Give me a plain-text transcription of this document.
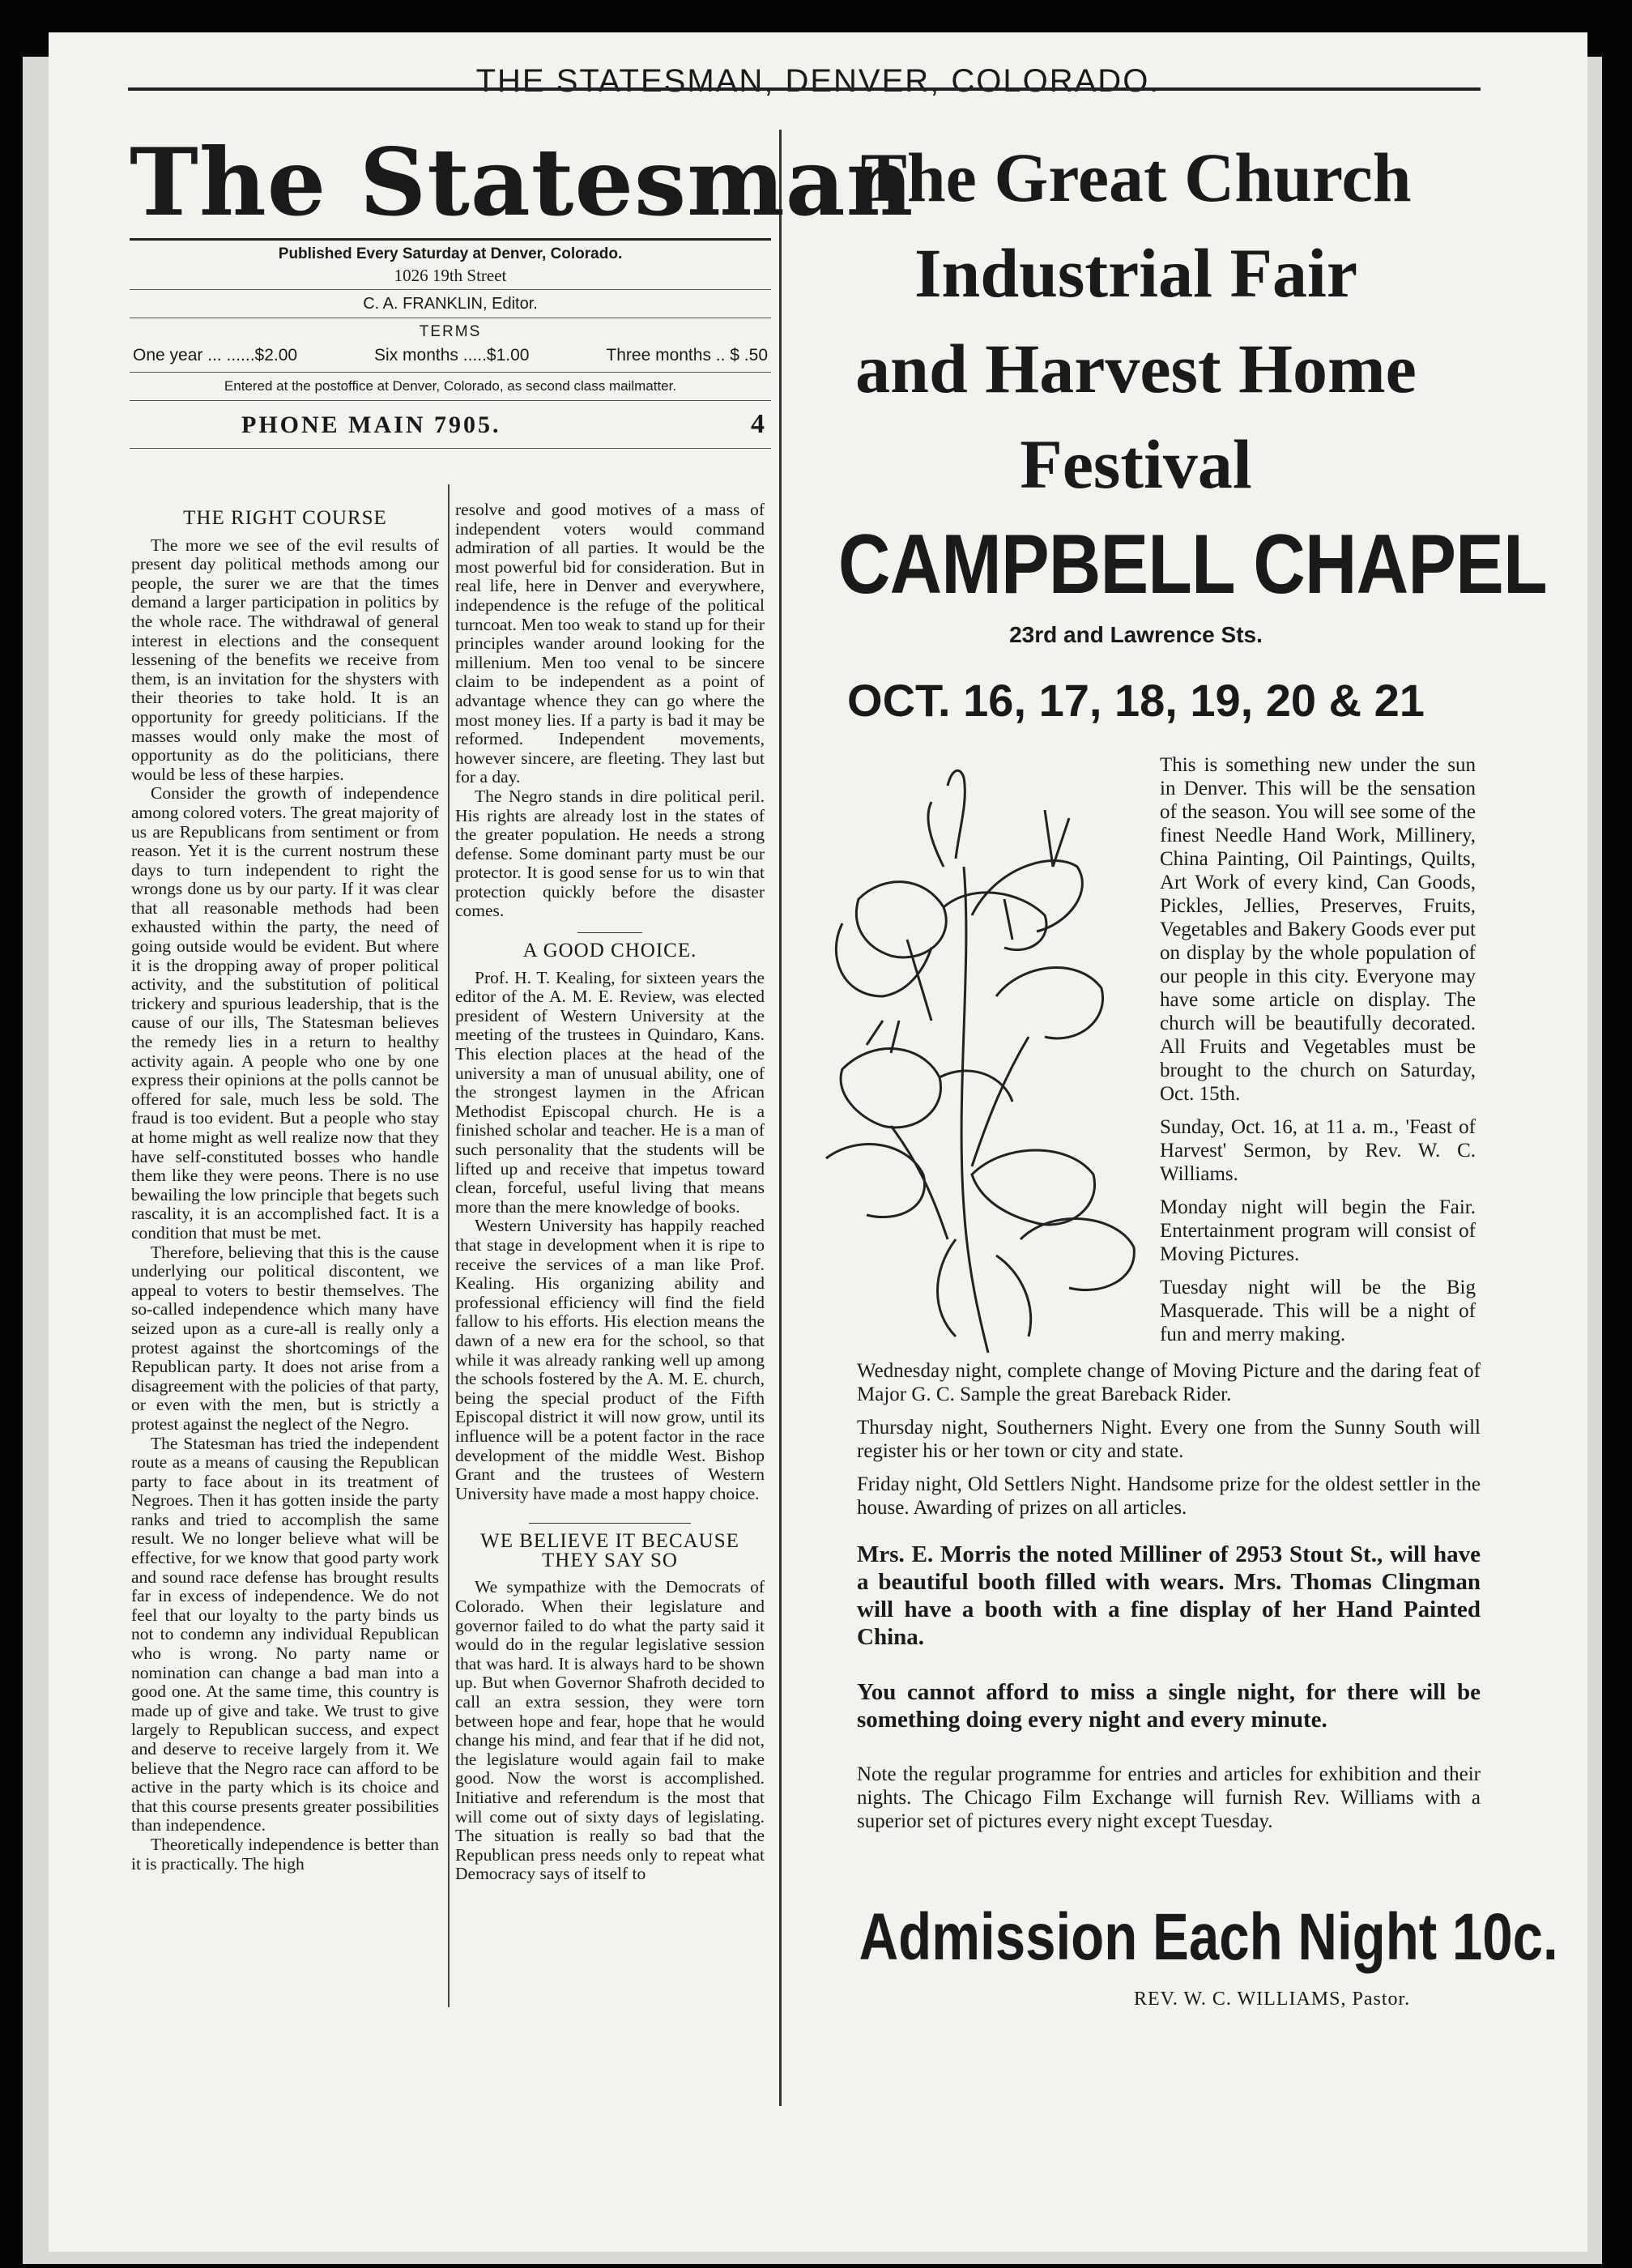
THE STATESMAN, DENVER, COLORADO.
The Statesman
Published Every Saturday at Denver, Colorado.
1026 19th Street
C. A. FRANKLIN, Editor.
TERMS
One year ... ......$2.00	Six months .....$1.00	Three months .. $ .50
Entered at the postoffice at Denver, Colorado, as second class mailmatter.
PHONE MAIN 7905.	4
THE RIGHT COURSE

The more we see of the evil results of present day political methods among our people, the surer we are that the times demand a larger participation in politics by the whole race. The withdrawal of general interest in elections and the consequent lessening of the benefits we receive from them, is an invitation for the shysters with their theories to take hold. It is an opportunity for greedy politicians. If the masses would only make the most of opportunity as do the politicians, there would be less of these harpies.

Consider the growth of independence among colored voters. The great majority of us are Republicans from sentiment or from reason. Yet it is the current nostrum these days to turn independent to right the wrongs done us by our party. If it was clear that all reasonable methods had been exhausted within the party, the need of going outside would be evident. But where it is the dropping away of proper political activity, and the substitution of political trickery and spurious leadership, that is the cause of our ills, The Statesman believes the remedy lies in a return to healthy activity again. A people who one by one express their opinions at the polls cannot be offered for sale, much less be sold. The fraud is too evident. But a people who stay at home might as well realize now that they have self-constituted bosses who handle them like they were peons. There is no use bewailing the low principle that begets such rascality, it is an accomplished fact. It is a condition that must be met.

Therefore, believing that this is the cause underlying our political discontent, we appeal to voters to bestir themselves. The so-called independence which many have seized upon as a cure-all is really only a protest against the shortcomings of the Republican party. It does not arise from a disagreement with the policies of that party, or even with the men, but is strictly a protest against the neglect of the Negro.

The Statesman has tried the independent route as a means of causing the Republican party to face about in its treatment of Negroes. Then it has gotten inside the party ranks and tried to accomplish the same result. We no longer believe what will be effective, for we know that good party work and sound race defense has brought results far in excess of independence. We do not feel that our loyalty to the party binds us not to condemn any individual Republican who is wrong. No party name or nomination can change a bad man into a good one. At the same time, this country is made up of give and take. We trust to give largely to Republican success, and expect and deserve to receive largely from it. We believe that the Negro race can afford to be active in the party which is its choice and that this course presents greater possibilities than independence.

Theoretically independence is better than it is practically. The high

resolve and good motives of a mass of independent voters would command admiration of all parties. It would be the most powerful bid for consideration. But in real life, here in Denver and everywhere, independence is the refuge of the political turncoat. Men too weak to stand up for their principles wander around looking for the millenium. Men too venal to be sincere claim to be independent as a point of advantage whence they can go where the most money lies. If a party is bad it may be reformed. Independent movements, however sincere, are fleeting. They last but for a day.

The Negro stands in dire political peril. His rights are already lost in the states of the greater population. He needs a strong defense. Some dominant party must be our protector. It is good sense for us to win that protection quickly before the disaster comes.

A GOOD CHOICE.

Prof. H. T. Kealing, for sixteen years the editor of the A. M. E. Review, was elected president of Western University at the meeting of the trustees in Quindaro, Kans. This election places at the head of the university a man of unusual ability, one of the strongest laymen in the African Methodist Episcopal church. He is a finished scholar and teacher. He is a man of such personality that the students will be lifted up and receive that impetus toward clean, forceful, useful living that means more than the mere knowledge of books.

Western University has happily reached that stage in development when it is ripe to receive the services of a man like Prof. Kealing. His organizing ability and professional efficiency will find the field fallow to his efforts. His election means the dawn of a new era for the school, so that while it was already ranking well up among the schools fostered by the A. M. E. church, being the special product of the Fifth Episcopal district it will now grow, until its influence will be a potent factor in the race development of the middle West. Bishop Grant and the trustees of Western University have made a most happy choice.

WE BELIEVE IT BECAUSE THEY SAY SO

We sympathize with the Democrats of Colorado. When their legislature and governor failed to do what the party said it would do in the regular legislative session that was hard. It is always hard to be shown up. But when Governor Shafroth decided to call an extra session, they were torn between hope and fear, hope that he would change his mind, and fear that if he did not, the legislature would again fail to make good. Now the worst is accomplished. Initiative and referendum is the most that will come out of sixty days of legislating. The situation is really so bad that the Republican press needs only to repeat what Democracy says of itself to

The Great Church
Industrial Fair
and Harvest Home
Festival
CAMPBELL CHAPEL
23rd and Lawrence Sts.
OCT. 16, 17, 18, 19, 20 & 21

This is something new under the sun in Denver. This will be the sensation of the season. You will see some of the finest Needle Hand Work, Millinery, China Painting, Oil Paintings, Quilts, Art Work of every kind, Can Goods, Pickles, Jellies, Preserves, Fruits, Vegetables and Bakery Goods ever put on display by the whole population of our people in this city. Everyone may have some article on display. The church will be beautifully decorated. All Fruits and Vegetables must be brought to the church on Saturday, Oct. 15th.

Sunday, Oct. 16, at 11 a. m., 'Feast of Harvest' Sermon, by Rev. W. C. Williams.

Monday night will begin the Fair. Entertainment program will consist of Moving Pictures.

Tuesday night will be the Big Masquerade. This will be a night of fun and merry making.

Wednesday night, complete change of Moving Picture and the daring feat of Major G. C. Sample the great Bareback Rider.

Thursday night, Southerners Night. Every one from the Sunny South will register his or her town or city and state.

Friday night, Old Settlers Night. Handsome prize for the oldest settler in the house. Awarding of prizes on all articles.

Mrs. E. Morris the noted Milliner of 2953 Stout St., will have a beautiful booth filled with wears. Mrs. Thomas Clingman will have a booth with a fine display of her Hand Painted China.

You cannot afford to miss a single night, for there will be something doing every night and every minute.

Note the regular programme for entries and articles for exhibition and their nights. The Chicago Film Exchange will furnish Rev. Williams with a superior set of pictures every night except Tuesday.

Admission Each Night 10c.
REV. W. C. WILLIAMS, Pastor.
